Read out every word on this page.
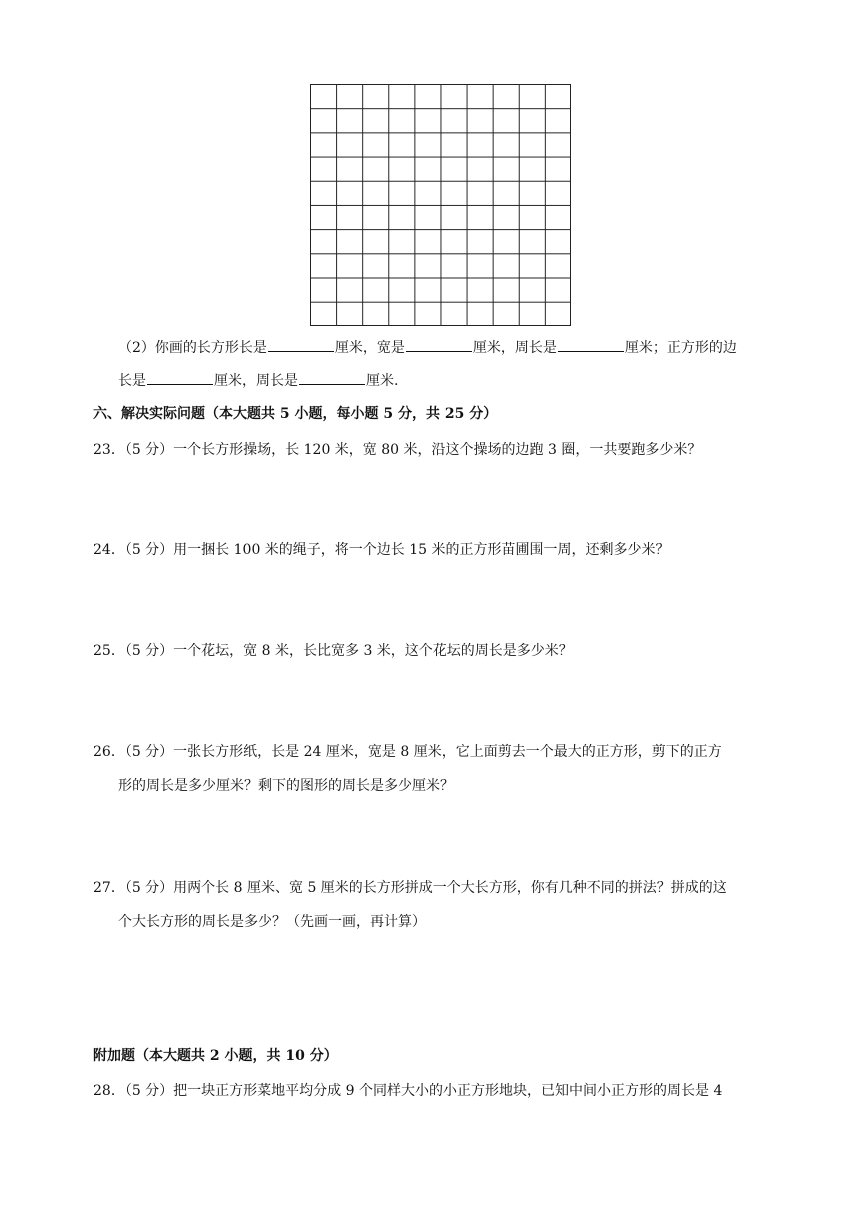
（2）你画的长方形长是	厘米，宽是	厘米，周长是	厘米；正方形的边
长是	厘米，周长是	厘米.
六、解决实际问题（本大题共 5 小题，每小题 5 分，共 25 分）
23．（5 分）一个长方形操场，长 120 米，宽 80 米，沿这个操场的边跑 3 圈，一共要跑多少米？
24．（5 分）用一捆长 100 米的绳子，将一个边长 15 米的正方形苗圃围一周，还剩多少米？
25．（5 分）一个花坛，宽 8 米，长比宽多 3 米，这个花坛的周长是多少米？
26．（5 分）一张长方形纸，长是 24 厘米，宽是 8 厘米，它上面剪去一个最大的正方形，剪下的正方
形的周长是多少厘米？剩下的图形的周长是多少厘米？
27．（5 分）用两个长 8 厘米、宽 5 厘米的长方形拼成一个大长方形，你有几种不同的拼法？拼成的这
个大长方形的周长是多少？（先画一画，再计算）
附加题（本大题共 2 小题，共 10 分）
28．（5 分）把一块正方形菜地平均分成 9 个同样大小的小正方形地块，已知中间小正方形的周长是 4
